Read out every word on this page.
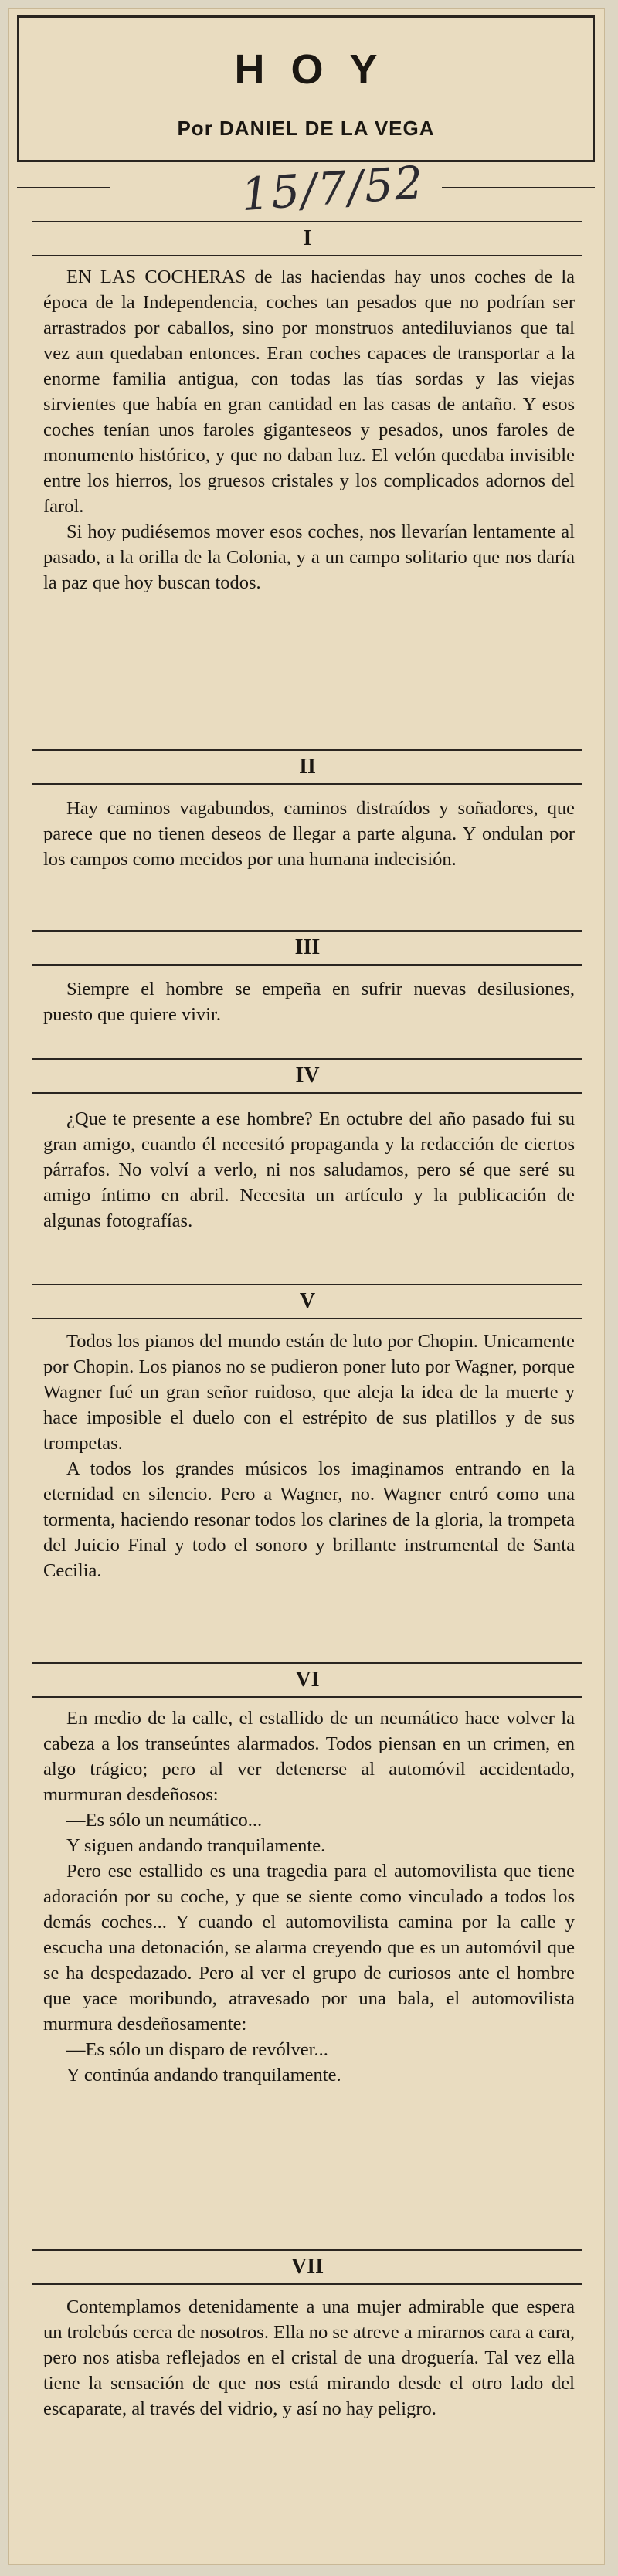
HOY
Por DANIEL DE LA VEGA
15/7/52
I

EN LAS COCHERAS de las haciendas hay unos coches de la época de la Independencia, coches tan pesados que no podrían ser arrastrados por caballos, sino por monstruos antediluvianos que tal vez aun quedaban entonces. Eran coches capaces de transportar a la enorme familia antigua, con todas las tías sordas y las viejas sirvientes que había en gran cantidad en las casas de antaño. Y esos coches tenían unos faroles giganteseos y pesados, unos faroles de monumento histórico, y que no daban luz. El velón quedaba invisible entre los hierros, los gruesos cristales y los complicados adornos del farol.

Si hoy pudiésemos mover esos coches, nos llevarían lentamente al pasado, a la orilla de la Colonia, y a un campo solitario que nos daría la paz que hoy buscan todos.

II

Hay caminos vagabundos, caminos distraídos y soñadores, que parece que no tienen deseos de llegar a parte alguna. Y ondulan por los campos como mecidos por una humana indecisión.

III

Siempre el hombre se empeña en sufrir nuevas desilusiones, puesto que quiere vivir.

IV

¿Que te presente a ese hombre? En octubre del año pasado fui su gran amigo, cuando él necesitó propaganda y la redacción de ciertos párrafos. No volví a verlo, ni nos saludamos, pero sé que seré su amigo íntimo en abril. Necesita un artículo y la publicación de algunas fotografías.

V

Todos los pianos del mundo están de luto por Chopin. Unicamente por Chopin. Los pianos no se pudieron poner luto por Wagner, porque Wagner fué un gran señor ruidoso, que aleja la idea de la muerte y hace imposible el duelo con el estrépito de sus platillos y de sus trompetas.

A todos los grandes músicos los imaginamos entrando en la eternidad en silencio. Pero a Wagner, no. Wagner entró como una tormenta, haciendo resonar todos los clarines de la gloria, la trompeta del Juicio Final y todo el sonoro y brillante instrumental de Santa Cecilia.

VI

En medio de la calle, el estallido de un neumático hace volver la cabeza a los transeúntes alarmados. Todos piensan en un crimen, en algo trágico; pero al ver detenerse al automóvil accidentado, murmuran desdeñosos:

—Es sólo un neumático...

Y siguen andando tranquilamente.

Pero ese estallido es una tragedia para el automovilista que tiene adoración por su coche, y que se siente como vinculado a todos los demás coches... Y cuando el automovilista camina por la calle y escucha una detonación, se alarma creyendo que es un automóvil que se ha despedazado. Pero al ver el grupo de curiosos ante el hombre que yace moribundo, atravesado por una bala, el automovilista murmura desdeñosamente:

—Es sólo un disparo de revólver...

Y continúa andando tranquilamente.

VII

Contemplamos detenidamente a una mujer admirable que espera un trolebús cerca de nosotros. Ella no se atreve a mirarnos cara a cara, pero nos atisba reflejados en el cristal de una droguería. Tal vez ella tiene la sensación de que nos está mirando desde el otro lado del escaparate, al través del vidrio, y así no hay peligro.
